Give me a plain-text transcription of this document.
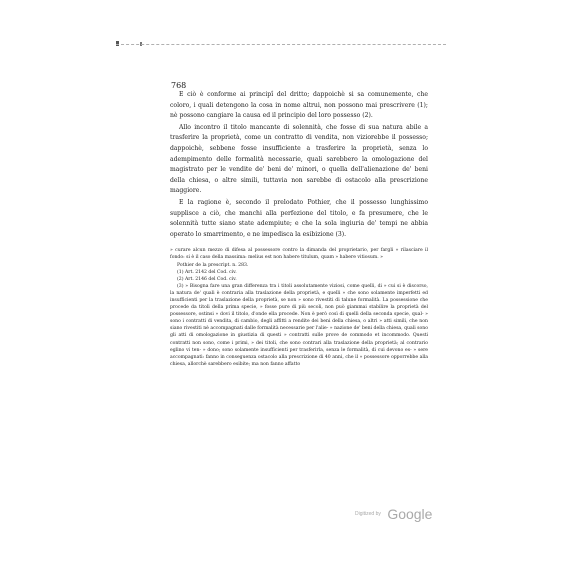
768

E ciò è conforme ai principî del dritto; dappoichè si sa comunemente, che coloro, i quali detengono la cosa in nome altrui, non possono mai prescrivere (1); nè possono cangiare la causa ed il principio del loro possesso (2).

Allo incontro il titolo mancante di solennità, che fosse di sua natura abile a trasferire la proprietà, come un contratto di vendita, non viziorebbe il possesso; dappoichè, sebbene fosse insufficiente a trasferire la proprietà, senza lo adempimento delle formalità necessarie, quali sarebbero la omologazione del magistrato per le vendite de' beni de' minori, o quella dell'alienazione de' beni della chiesa, o altre simili, tuttavia non sarebbe di ostacolo alla prescrizione maggiore.

E la ragione è, secondo il prelodato Pothier, che il possesso lunghissimo supplisce a ciò, che manchi alla perfezione del titolo, e fa presumere, che le solennità tutte siano state adempiute; e che la sola ingiuria de' tempi ne abbia operato lo smarrimento, e ne impedisca la esibizione (3).

» curare alcun mezzo di difesa al possessore contro la dimanda del proprietario, per fargli » rilasciare il fondo: si è il caso della massima: melius est non habere titulum, quam » habere vitiosum. »

Pothier de la prescript. n. 283.

(1) Art. 2142 del Cod. civ.

(2) Art. 2146 del Cod. civ.

(3) » Bisogna fare una gran differenza tra i titoli assolutamente viziosi, come quelli, di » cui si è discorso, la natura de' quali è contraria alla traslazione della proprietà, e quelli » che sono solamente imperfetti ed insufficienti per la traslazione della proprietà, se non » sono rivestiti di talune formalità. La possessione che procede da titoli della prima specie, » fosse pure di più secoli, non può giammai stabilire la proprietà del possessore, ostinsi » dovi il titolo, d'onde ella procede. Non è però così di quelli della seconda specie, qual- » sono i contratti di vendita, di cambio, degli affitti a rendite dei beni della chiesa, o altri » atti simili, che non siano rivestiti nè accompagnati dalle formalità necessarie per l'alie- » nazione de' beni della chiesa, quali sono gli atti di omologazione in giustizia di questi » contratti sulle prove de commodo et incommodo. Questi contratti non sono, come i primi, » dei titoli, che sono contrari alla traslazione della proprietà; al contrario eglino vi ten- » dono; sono solamente insufficienti per trasferirla, senza le formalità, di cui devono es- » sere accompagnati: fanno in conseguenza ostacolo alla prescrizione di 40 anni, che il » possessore opporrebbe alla chiesa, allorchè sarebbero esibite; ma non fanno affatto

Digitized by Google
